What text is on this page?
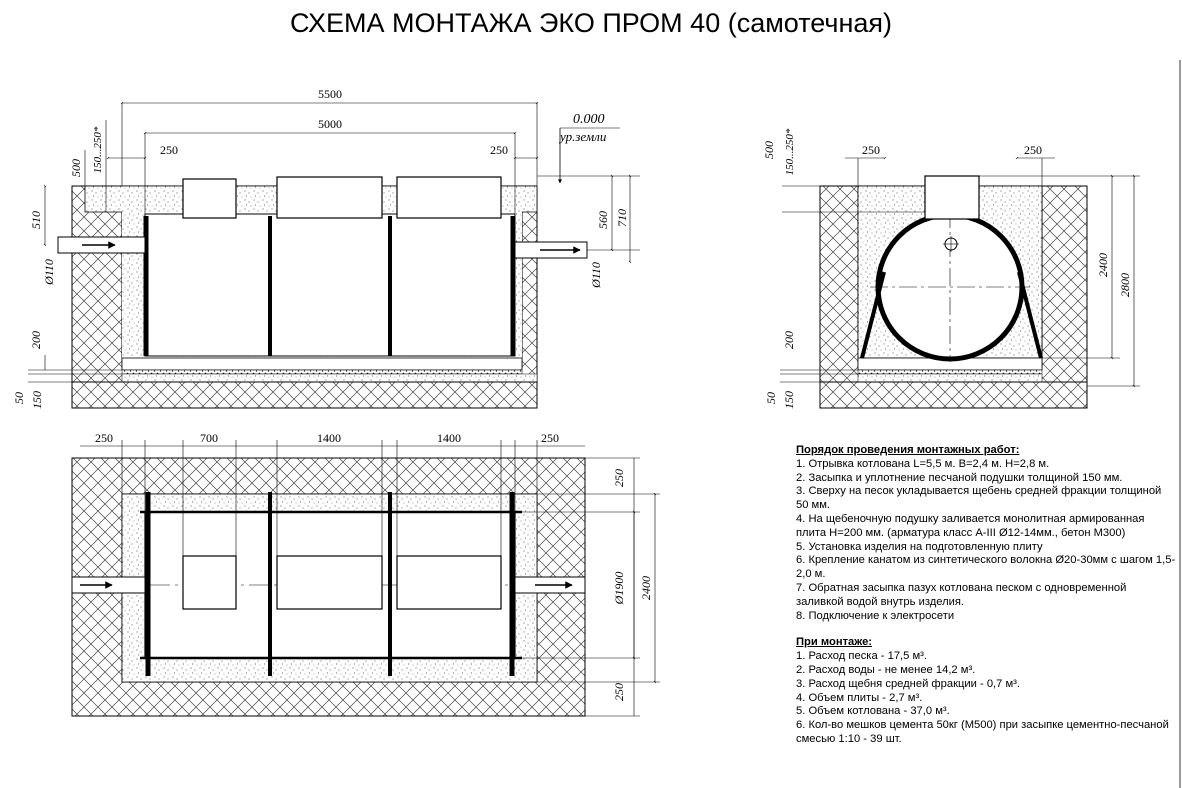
СХЕМА МОНТАЖА ЭКО ПРОМ 40 (самотечная)
5500
5000
250	250
0.000
ур.земли
500 150...250*
510
Ø110
200
50 150
560 710
Ø110
250	250
500 150...250*
200
50 150
2400
2800
250	700	1400	1400	250
250
Ø1900 2400
250
Порядок проведения монтажных работ:
1. Отрывка котлована L=5,5 м. B=2,4 м. H=2,8 м.
2. Засыпка и уплотнение песчаной подушки толщиной 150 мм.
3. Сверху на песок укладывается щебень средней фракции толщиной 50 мм.
4. На щебеночную подушку заливается монолитная армированная плита H=200 мм. (арматура класс А-III Ø12-14мм., бетон М300)
5. Установка изделия на подготовленную плиту
6. Крепление канатом из синтетического волокна Ø20-30мм с шагом 1,5-2,0 м.
7. Обратная засыпка пазух котлована песком с одновременной заливкой водой внутрь изделия.
8. Подключение к электросети
При монтаже:
1. Расход песка - 17,5 м³.
2. Расход воды - не менее 14,2 м³.
3. Расход щебня средней фракции - 0,7 м³.
4. Объем плиты - 2,7 м³.
5. Объем котлована - 37,0 м³.
6. Кол-во мешков цемента 50кг (М500) при засыпке цементно-песчаной смесью 1:10 - 39 шт.
